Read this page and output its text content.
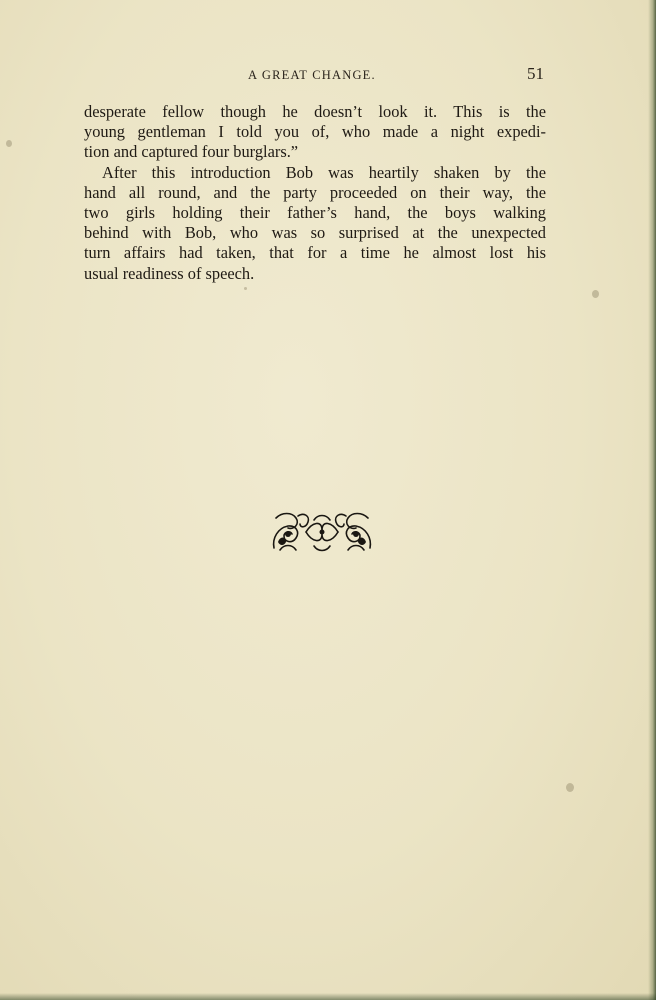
A GREAT CHANGE.	51
desperate fellow though he doesn’t look it. This is the
young gentleman I told you of, who made a night expedi-
tion and captured four burglars.”
After this introduction Bob was heartily shaken by the
hand all round, and the party proceeded on their way, the
two girls holding their father’s hand, the boys walking
behind with Bob, who was so surprised at the unexpected
turn affairs had taken, that for a time he almost lost his
usual readiness of speech.
